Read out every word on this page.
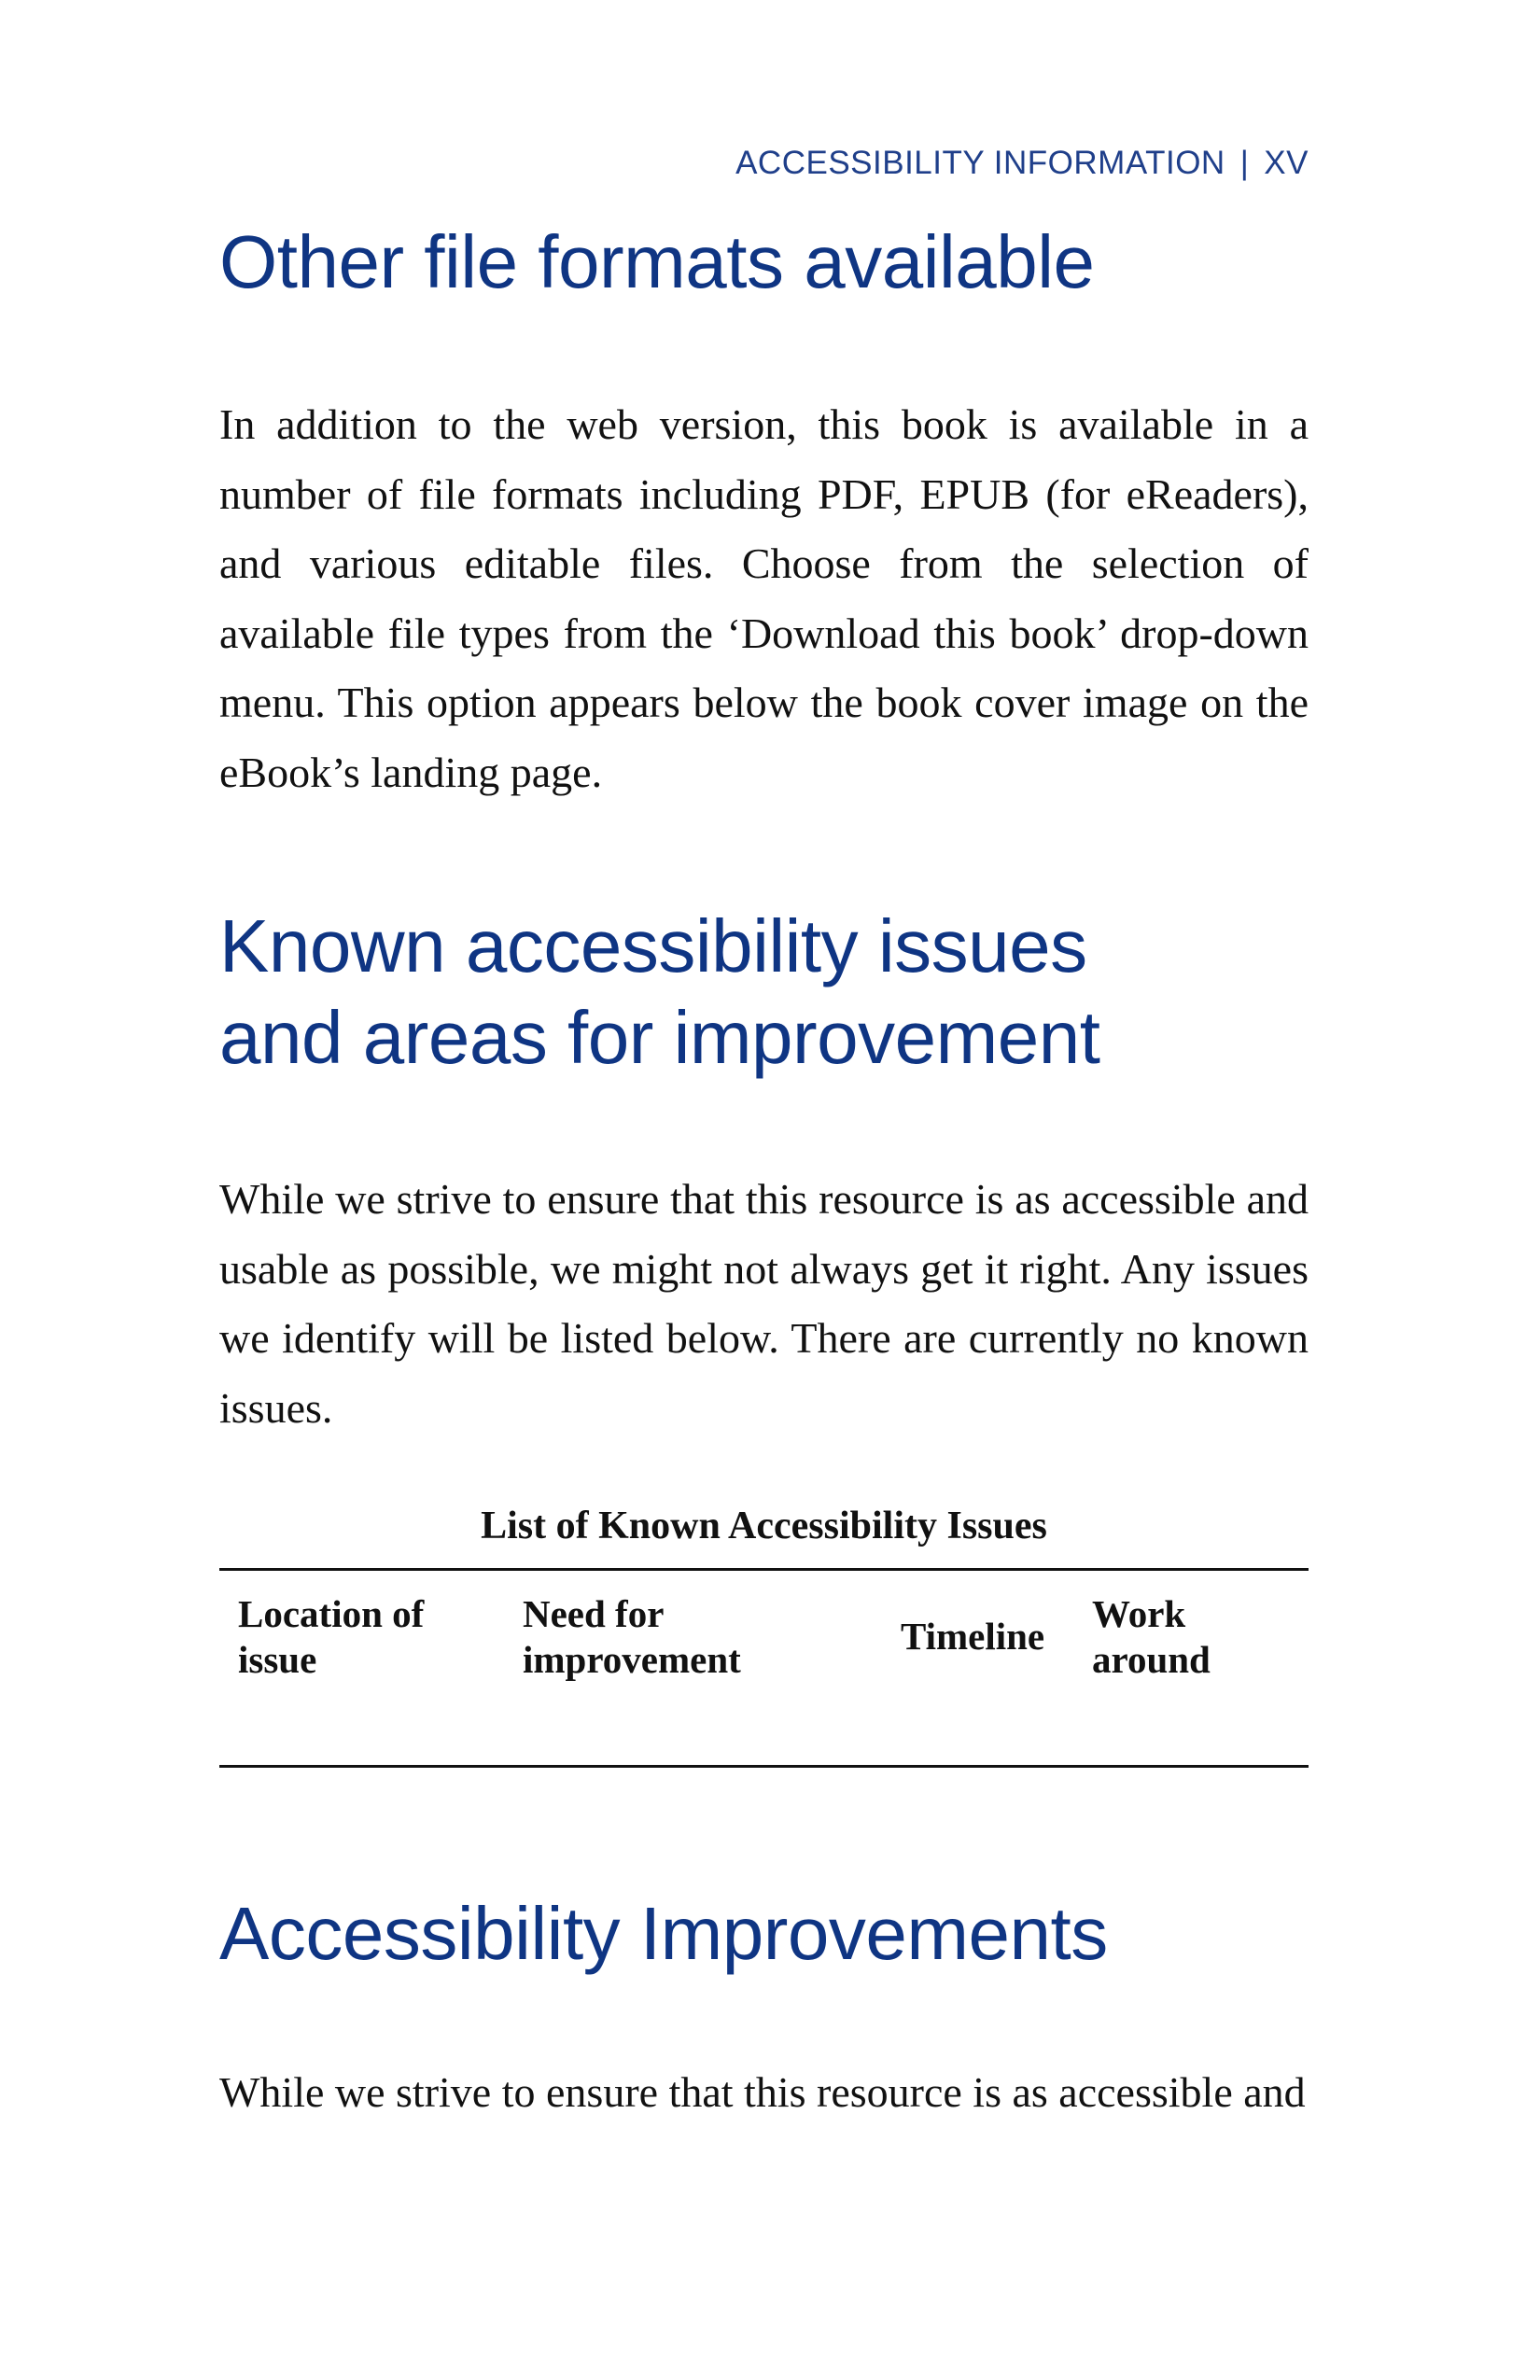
ACCESSIBILITY INFORMATION | XV
Other file formats available

In addition to the web version, this book is available in a number of file formats including PDF, EPUB (for eReaders), and various editable files. Choose from the selection of available file types from the ‘Download this book’ drop-down menu. This option appears below the book cover image on the eBook’s landing page.

Known accessibility issues
and areas for improvement

While we strive to ensure that this resource is as accessible and usable as possible, we might not always get it right. Any issues we identify will be listed below. There are currently no known issues.

List of Known Accessibility Issues
Location of issue	Need for improvement	Timeline	Work around
Accessibility Improvements

While we strive to ensure that this resource is as accessible and
